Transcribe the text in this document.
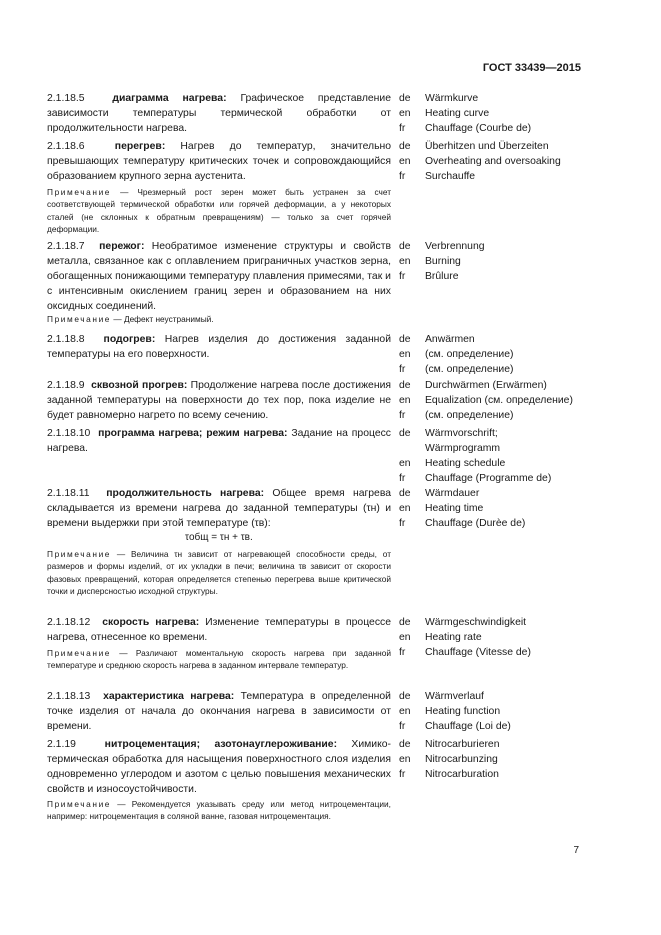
ГОСТ 33439—2015
2.1.18.5	диаграмма нагрева: Графическое представление зависимости температуры термической обработки от продолжительности нагрева.
de	Wärmkurve
en	Heating curve
fr	Chauffage (Courbe de)
2.1.18.6	перегрев: Нагрев до температур, значительно превышающих температуру критических точек и сопровождающийся образованием крупного зерна аустенита.
de	Überhitzen und Überzeiten
en	Overheating and oversoaking
fr	Surchauffe
Примечание — Чрезмерный рост зерен может быть устранен за счет соответствующей термической обработки или горячей деформации, а у некоторых сталей (не склонных к обратным превращениям) — только за счет горячей деформации.
2.1.18.7 пережог: Необратимое изменение структуры и свойств металла, связанное как с оплавлением приграничных участков зерна, обогащенных понижающими температуру плавления примесями, так и с интенсивным окислением границ зерен и образованием на них оксидных соединений.
de	Verbrennung
en	Burning
fr	Brûlure
Примечание — Дефект неустранимый.
2.1.18.8 подогрев: Нагрев изделия до достижения заданной температуры на его поверхности.
de	Anwärmen
en	(см. определение)
fr	(см. определение)
2.1.18.9 сквозной прогрев: Продолжение нагрева после достижения заданной температуры на поверхности до тех пор, пока изделие не будет равномерно нагрето по всему сечению.
de	Durchwärmen (Erwärmen)
en	Equalization (см. определение)
fr	(см. определение)
2.1.18.10 программа нагрева; режим нагрева: Задание на процесс нагрева.
de	Wärmvorschrift;
Wärmprogramm
en	Heating schedule
fr	Chauffage (Programme de)
2.1.18.11 продолжительность нагрева: Общее время нагрева складывается из времени нагрева до заданной температуры (τн) и времени выдержки при этой температуре (τв):
de	Wärmdauer
en	Heating time
fr	Chauffage (Durèe de)
τобщ = τн + τв.
Примечание — Величина τн зависит от нагревающей способности среды, от размеров и формы изделий, от их укладки в печи; величина τв зависит от скорости фазовых превращений, которая определяется степенью перегрева выше критической точки и дисперсностью исходной структуры.
2.1.18.12 скорость нагрева: Изменение температуры в процессе нагрева, отнесенное ко времени.
de	Wärmgeschwindigkeit
en	Heating rate
fr	Chauffage (Vitesse de)
Примечание — Различают моментальную скорость нагрева при заданной температуре и среднюю скорость нагрева в заданном интервале температур.
2.1.18.13 характеристика нагрева: Температура в определенной точке изделия от начала до окончания нагрева в зависимости от времени.
de	Wärmverlauf
en	Heating function
fr	Chauffage (Loi de)
2.1.19	нитроцементация; азотонауглероживание: Химико-термическая обработка для насыщения поверхностного слоя изделия одновременно углеродом и азотом с целью повышения механических свойств и износоустойчивости.
de	Nitrocarburieren
en	Nitrocarbunzing
fr	Nitrocarburation
Примечание — Рекомендуется указывать среду или метод нитроцементации, например: нитроцементация в соляной ванне, газовая нитроцементация.
7
